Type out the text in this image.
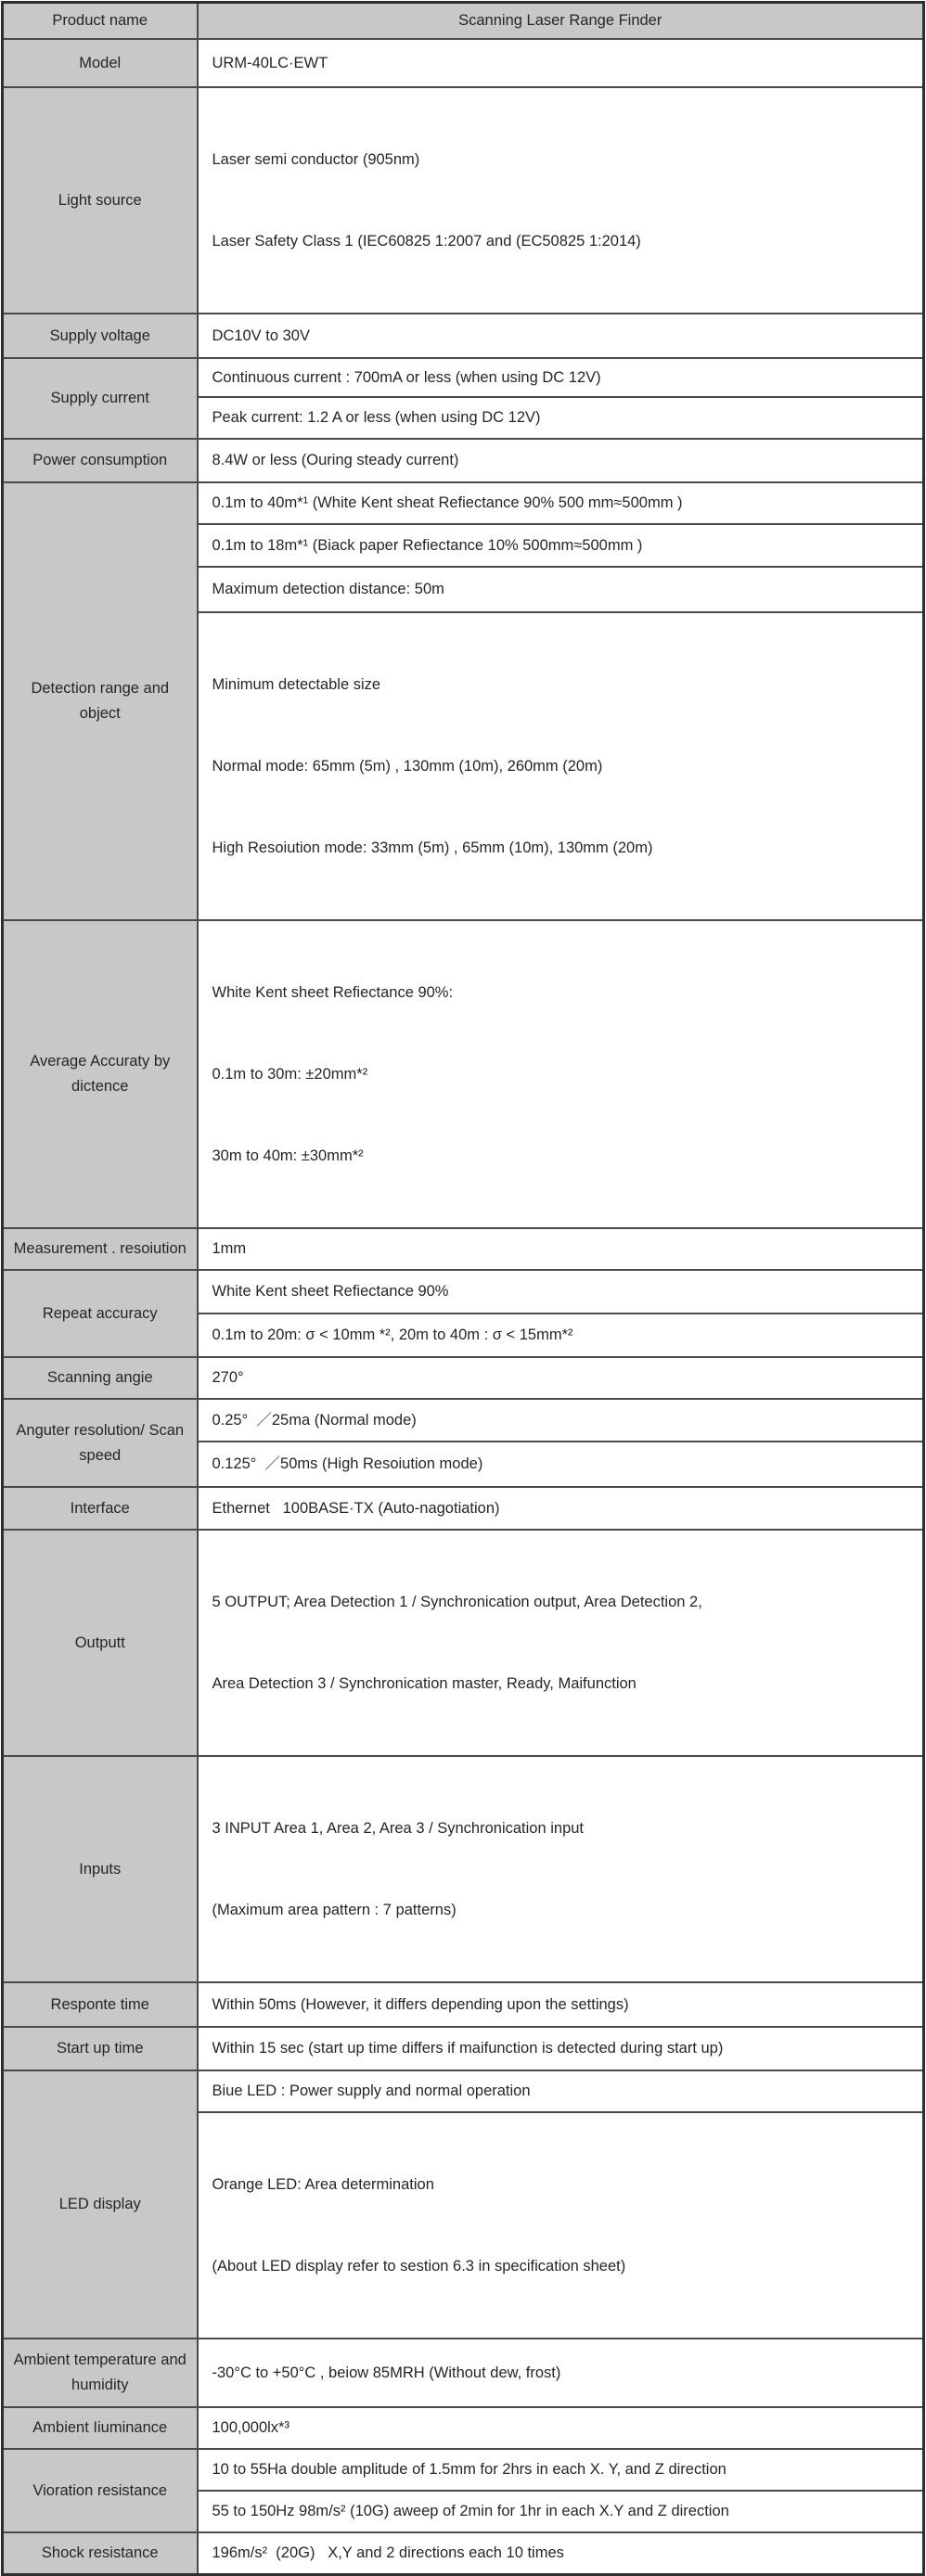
Product name	Scanning Laser Range Finder
Model	URM-40LC·EWT
Light source	Laser semi conductor (905nm)

Laser Safety Class 1 (IEC60825 1:2007 and (EC50825 1:2014)

Supply voltage	DC10V to 30V
Supply current	Continuous current : 700mA or less (when using DC 12V)
	Peak current: 1.2 A or less (when using DC 12V)
Power consumption	8.4W or less (Ouring steady current)
Detection range and object	0.1m to 40m*¹ (White Kent sheat Refiectance 90% 500 mm≈500mm )
	0.1m to 18m*¹ (Biack paper Refiectance 10% 500mm≈500mm )
	Maximum detection distance: 50m

	Minimum detectable size

Normal mode: 65mm (5m) , 130mm (10m), 260mm (20m)

High Resoiution mode: 33mm (5m) , 65mm (10m), 130mm (20m)

Average Accuraty by dictence	White Kent sheet Refiectance 90%:

0.1m to 30m: ±20mm*²

30m to 40m: ±30mm*²

Measurement . resoiution	1mm
Repeat accuracy	White Kent sheet Refiectance 90%
	0.1m to 20m: σ < 10mm *², 20m to 40m : σ < 15mm*²
Scanning angie	270°
Anguter resolution/ Scan speed	0.25°  ／25ma (Normal mode)
	0.125°  ／50ms (High Resoiution mode)
Interface	Ethernet   100BASE·TX (Auto-nagotiation)
Outputt	5 OUTPUT; Area Detection 1 / Synchronication output, Area Detection 2,

Area Detection 3 / Synchronication master, Ready, Maifunction

Inputs	3 INPUT Area 1, Area 2, Area 3 / Synchronication input

(Maximum area pattern : 7 patterns)

Responte time	Within 50ms (However, it differs depending upon the settings)
Start up time	Within 15 sec (start up time differs if maifunction is detected during start up)
LED display	Biue LED : Power supply and normal operation

	Orange LED: Area determination

(About LED display refer to sestion 6.3 in specification sheet)

Ambient temperature and humidity	-30°C to +50°C , beiow 85MRH (Without dew, frost)
Ambient Iiuminance	100,000lx*³
Vioration resistance	10 to 55Ha double amplitude of 1.5mm for 2hrs in each X. Y, and Z direction
	55 to 150Hz 98m/s² (10G) aweep of 2min for 1hr in each X.Y and Z direction
Shock resistance	196m/s²  (20G)   X,Y and 2 directions each 10 times
